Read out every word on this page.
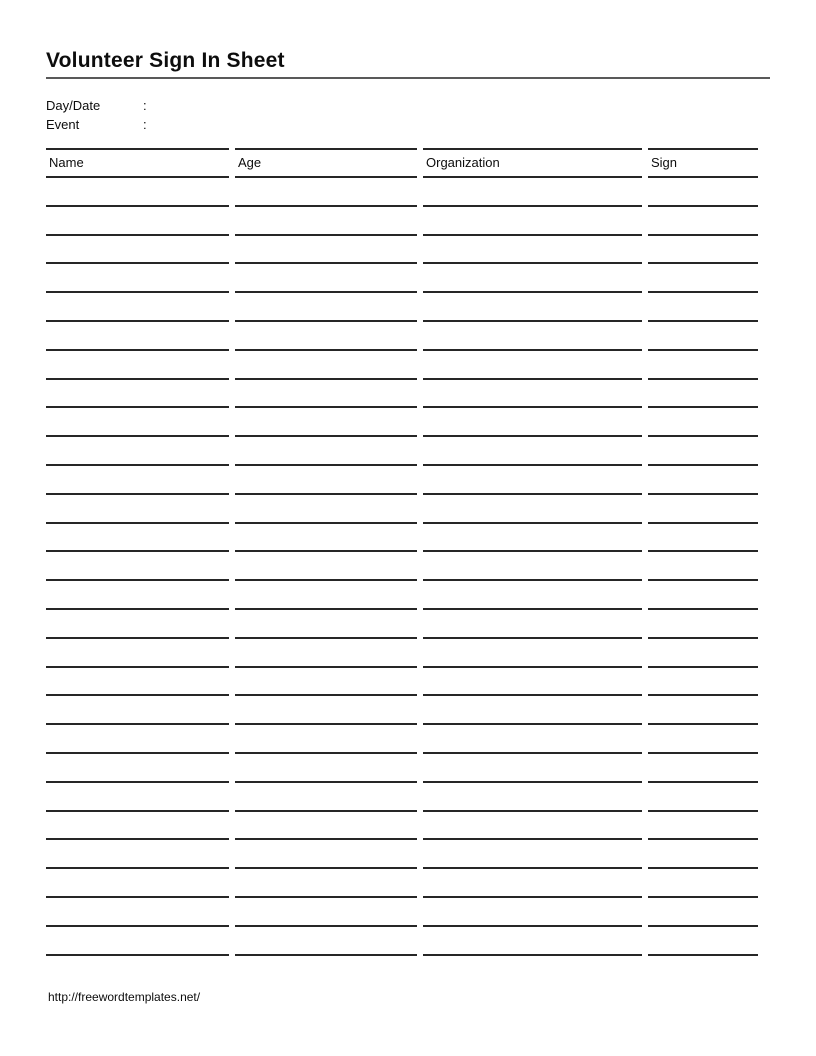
Volunteer Sign In Sheet
Day/Date	:
Event	:
Name	Age	Organization	Sign
http://freewordtemplates.net/
